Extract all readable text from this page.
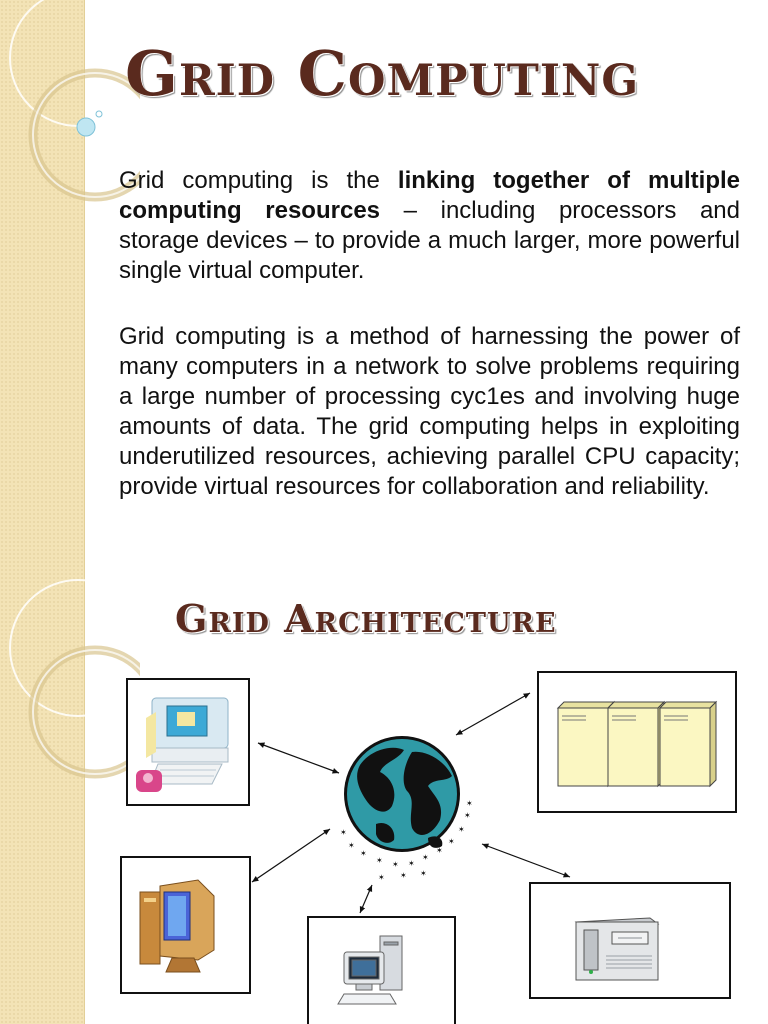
Grid Computing

Grid computing is the linking together of multiple computing resources – including processors and storage devices – to provide a much larger, more powerful single virtual computer.

Grid computing is a method of harnessing the power of many computers in a network to solve problems requiring a large number of processing cyc1es and involving huge amounts of data. The grid computing helps in exploiting underutilized resources, achieving parallel CPU capacity; provide virtual resources for collaboration and reliability.

Grid Architecture
✶
✶
✶
✶ ✶ ✶
✶
✶
✶
✶
✶
✶
✶ ✶ ✶
